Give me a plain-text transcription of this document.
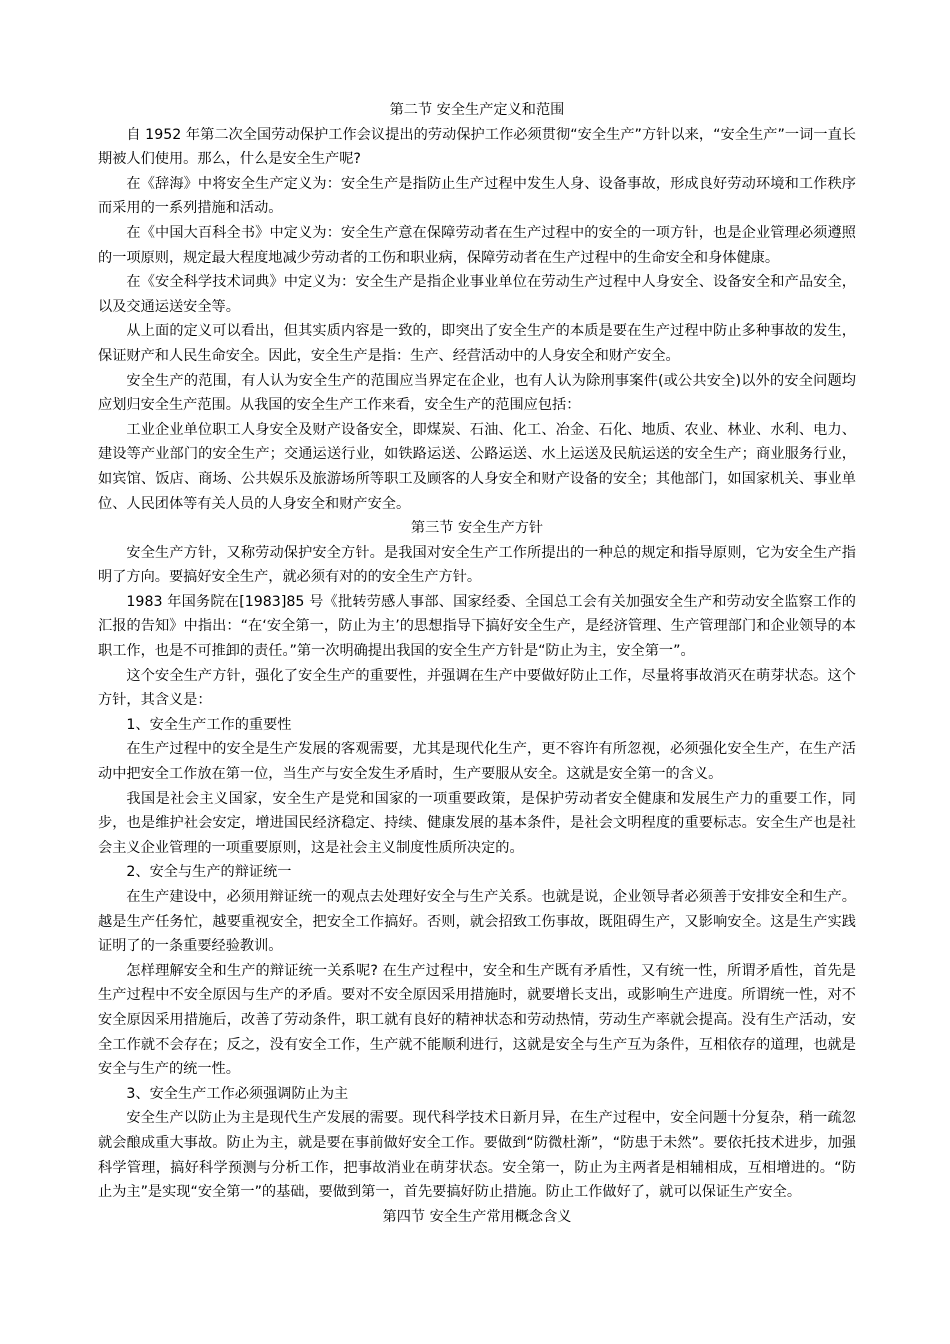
第二节 安全生产定义和范围

自 1952 年第二次全国劳动保护工作会议提出的劳动保护工作必须贯彻“安全生产”方针以来，“安全生产”一词一直长期被人们使用。那么，什么是安全生产呢?

在《辞海》中将安全生产定义为：安全生产是指防止生产过程中发生人身、设备事故，形成良好劳动环境和工作秩序而采用的一系列措施和活动。

在《中国大百科全书》中定义为：安全生产意在保障劳动者在生产过程中的安全的一项方针，也是企业管理必须遵照的一项原则，规定最大程度地减少劳动者的工伤和职业病，保障劳动者在生产过程中的生命安全和身体健康。

在《安全科学技术词典》中定义为：安全生产是指企业事业单位在劳动生产过程中人身安全、设备安全和产品安全，以及交通运送安全等。

从上面的定义可以看出，但其实质内容是一致的，即突出了安全生产的本质是要在生产过程中防止多种事故的发生，保证财产和人民生命安全。因此，安全生产是指：生产、经营活动中的人身安全和财产安全。

安全生产的范围，有人认为安全生产的范围应当界定在企业，也有人认为除刑事案件(或公共安全)以外的安全问题均应划归安全生产范围。从我国的安全生产工作来看，安全生产的范围应包括：

工业企业单位职工人身安全及财产设备安全，即煤炭、石油、化工、冶金、石化、地质、农业、林业、水利、电力、建设等产业部门的安全生产；交通运送行业，如铁路运送、公路运送、水上运送及民航运送的安全生产；商业服务行业，如宾馆、饭店、商场、公共娱乐及旅游场所等职工及顾客的人身安全和财产设备的安全；其他部门，如国家机关、事业单位、人民团体等有关人员的人身安全和财产安全。

第三节 安全生产方针

安全生产方针，又称劳动保护安全方针。是我国对安全生产工作所提出的一种总的规定和指导原则，它为安全生产指明了方向。要搞好安全生产，就必须有对的的安全生产方针。

1983 年国务院在[1983]85 号《批转劳感人事部、国家经委、全国总工会有关加强安全生产和劳动安全监察工作的汇报的告知》中指出：“在‘安全第一，防止为主’的思想指导下搞好安全生产，是经济管理、生产管理部门和企业领导的本职工作，也是不可推卸的责任。”第一次明确提出我国的安全生产方针是“防止为主，安全第一”。

这个安全生产方针，强化了安全生产的重要性，并强调在生产中要做好防止工作，尽量将事故消灭在萌芽状态。这个方针，其含义是：

1、安全生产工作的重要性

在生产过程中的安全是生产发展的客观需要，尤其是现代化生产，更不容许有所忽视，必须强化安全生产，在生产活动中把安全工作放在第一位，当生产与安全发生矛盾时，生产要服从安全。这就是安全第一的含义。

我国是社会主义国家，安全生产是党和国家的一项重要政策，是保护劳动者安全健康和发展生产力的重要工作，同步，也是维护社会安定，增进国民经济稳定、持续、健康发展的基本条件，是社会文明程度的重要标志。安全生产也是社会主义企业管理的一项重要原则，这是社会主义制度性质所决定的。

2、安全与生产的辩证统一

在生产建设中，必须用辩证统一的观点去处理好安全与生产关系。也就是说，企业领导者必须善于安排安全和生产。越是生产任务忙，越要重视安全，把安全工作搞好。否则，就会招致工伤事故，既阻碍生产，又影响安全。这是生产实践证明了的一条重要经验教训。

怎样理解安全和生产的辩证统一关系呢? 在生产过程中，安全和生产既有矛盾性，又有统一性，所谓矛盾性，首先是生产过程中不安全原因与生产的矛盾。要对不安全原因采用措施时，就要增长支出，或影响生产进度。所谓统一性，对不安全原因采用措施后，改善了劳动条件，职工就有良好的精神状态和劳动热情，劳动生产率就会提高。没有生产活动，安全工作就不会存在；反之，没有安全工作，生产就不能顺利进行，这就是安全与生产互为条件，互相依存的道理，也就是安全与生产的统一性。

3、安全生产工作必须强调防止为主

安全生产以防止为主是现代生产发展的需要。现代科学技术日新月异，在生产过程中，安全问题十分复杂，稍一疏忽就会酿成重大事故。防止为主，就是要在事前做好安全工作。要做到“防微杜渐”，“防患于未然”。要依托技术进步，加强科学管理，搞好科学预测与分析工作，把事故消业在萌芽状态。安全第一，防止为主两者是相辅相成，互相增进的。“防止为主”是实现“安全第一”的基础，要做到第一，首先要搞好防止措施。防止工作做好了，就可以保证生产安全。

第四节 安全生产常用概念含义
